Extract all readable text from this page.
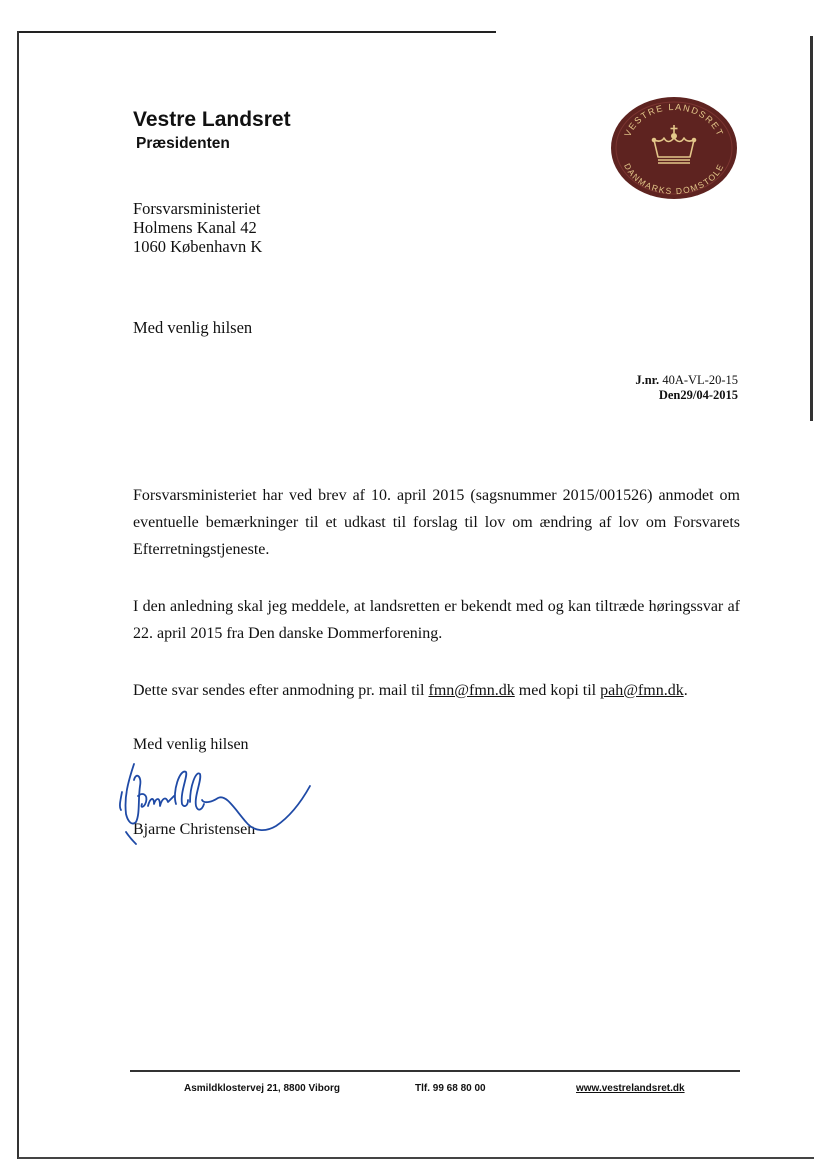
Vestre Landsret
Præsidenten
VESTRE LANDSRET
DANMARKS DOMSTOLE
Forsvarsministeriet
Holmens Kanal 42
1060 København K
Med venlig hilsen
J.nr. 40A-VL-20-15
Den29/04-2015
Forsvarsministeriet har ved brev af 10. april 2015 (sagsnummer 2015/001526) anmodet om eventuelle bemærkninger til et udkast til forslag til lov om ændring af lov om Forsvarets Efterretningstjeneste.
I den anledning skal jeg meddele, at landsretten er bekendt med og kan tiltræde høringssvar af 22. april 2015 fra Den danske Dommerforening.
Dette svar sendes efter anmodning pr. mail til fmn@fmn.dk med kopi til pah@fmn.dk.
Med venlig hilsen
Bjarne Christensen
Asmildklostervej 21, 8800 Viborg	Tlf. 99 68 80 00	www.vestrelandsret.dk
